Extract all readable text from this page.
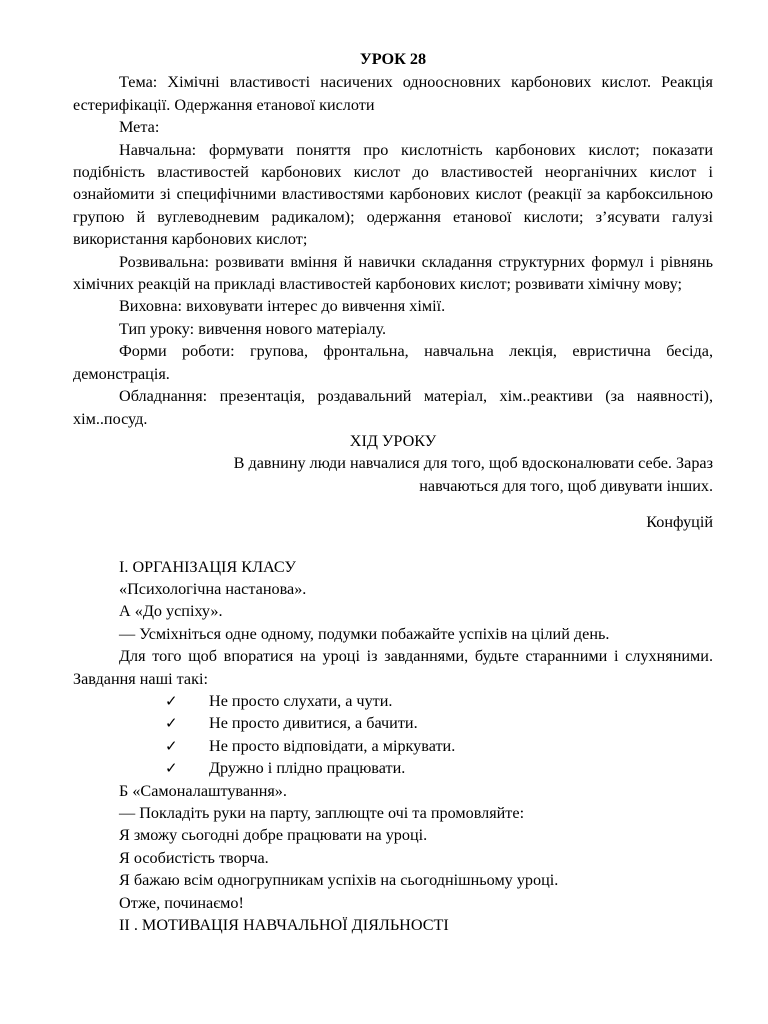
УРОК 28
Тема: Хімічні властивості насичених одноосновних карбонових кислот. Реакція естерифікації. Одержання етанової кислоти
Мета:
Навчальна: формувати поняття про кислотність карбонових кислот; показати подібність властивостей карбонових кислот до властивостей неорганічних кислот і ознайомити зі специфічними властивостями карбонових кислот (реакції за карбоксильною групою й вуглеводневим радикалом); одержання етанової кислоти; з’ясувати галузі використання карбонових кислот;
Розвивальна: розвивати вміння й навички складання структурних формул і рівнянь хімічних реакцій на прикладі властивостей карбонових кислот; розвивати хімічну мову;
Виховна: виховувати інтерес до вивчення хімії.
Тип уроку: вивчення нового матеріалу.
Форми роботи: групова, фронтальна, навчальна лекція, евристична бесіда, демонстрація.
Обладнання: презентація, роздавальний матеріал, хім..реактиви (за наявності), хім..посуд.
ХІД УРОКУ
В давнину люди навчалися для того, щоб вдосконалювати себе. Зараз
навчаються для того, щоб дивувати інших.
Конфуцій
І. ОРГАНІЗАЦІЯ КЛАСУ
«Психологічна настанова».
А «До успіху».
— Усміхніться одне одному, подумки побажайте успіхів на цілий день.
Для того щоб впоратися на уроці із завданнями, будьте старанними і слухняними. Завдання наші такі:
✓	Не просто слухати, а чути.
✓	Не просто дивитися, а бачити.
✓	Не просто відповідати, а міркувати.
✓	Дружно і плідно працювати.
Б «Самоналаштування».
— Покладіть руки на парту, заплющте очі та промовляйте:
Я зможу сьогодні добре працювати на уроці.
Я особистість творча.
Я бажаю всім одногрупникам успіхів на сьогоднішньому уроці.
Отже, починаємо!
ІІ . МОТИВАЦІЯ НАВЧАЛЬНОЇ ДІЯЛЬНОСТІ
